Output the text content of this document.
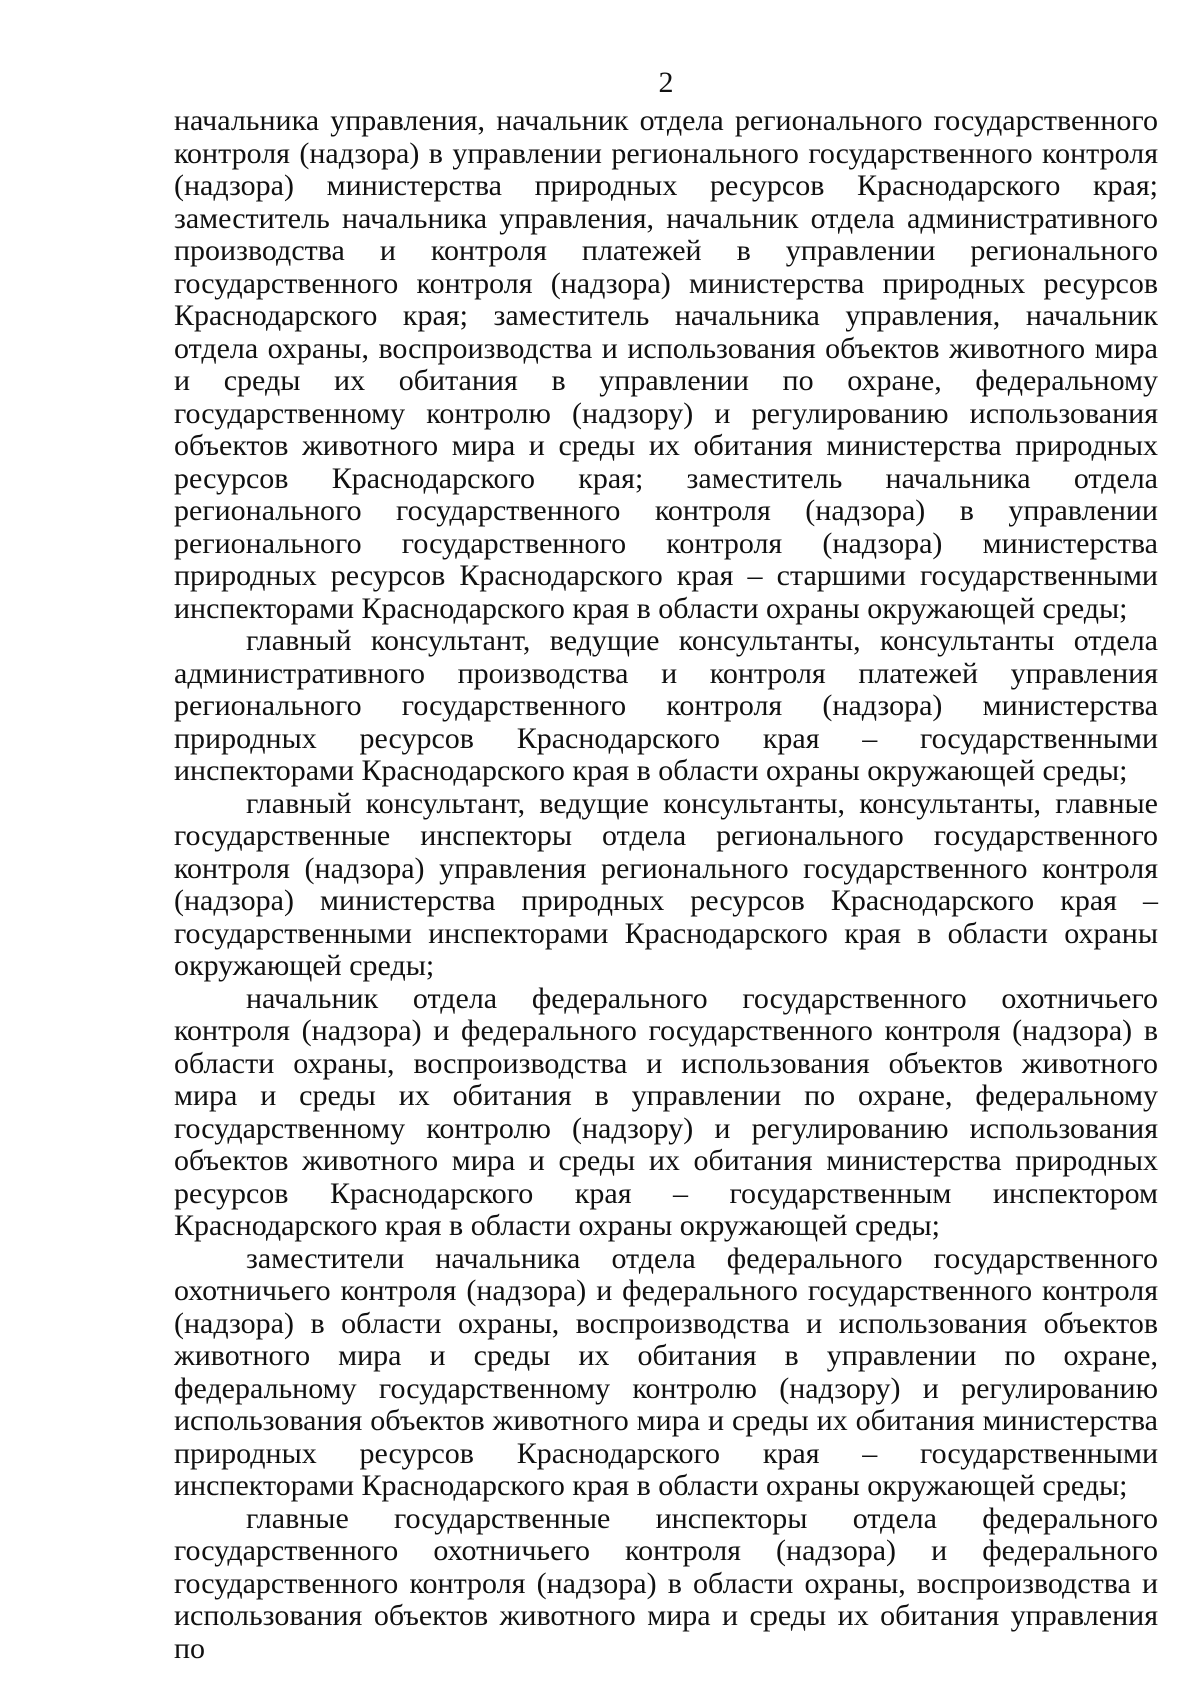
2

начальника управления, начальник отдела регионального государственного контроля (надзора) в управлении регионального государственного контроля (надзора) министерства природных ресурсов Краснодарского края; заместитель начальника управления, начальник отдела административного производства и контроля платежей в управлении регионального государственного контроля (надзора) министерства природных ресурсов Краснодарского края; заместитель начальника управления, начальник отдела охраны, воспроизводства и использования объектов животного мира и среды их обитания в управлении по охране, федеральному государственному контролю (надзору) и регулированию использования объектов животного мира и среды их обитания министерства природных ресурсов Краснодарского края; заместитель начальника отдела регионального государственного контроля (надзора) в управлении регионального государственного контроля (надзора) министерства природных ресурсов Краснодарского края – старшими государственными инспекторами Краснодарского края в области охраны окружающей среды;

главный консультант, ведущие консультанты, консультанты отдела административного производства и контроля платежей управления регионального государственного контроля (надзора) министерства природных ресурсов Краснодарского края – государственными инспекторами Краснодарского края в области охраны окружающей среды;

главный консультант, ведущие консультанты, консультанты, главные государственные инспекторы отдела регионального государственного контроля (надзора) управления регионального государственного контроля (надзора) министерства природных ресурсов Краснодарского края – государственными инспекторами Краснодарского края в области охраны окружающей среды;

начальник отдела федерального государственного охотничьего контроля (надзора) и федерального государственного контроля (надзора) в области охраны, воспроизводства и использования объектов животного мира и среды их обитания в управлении по охране, федеральному государственному контролю (надзору) и регулированию использования объектов животного мира и среды их обитания министерства природных ресурсов Краснодарского края – государственным инспектором Краснодарского края в области охраны окружающей среды;

заместители начальника отдела федерального государственного охотничьего контроля (надзора) и федерального государственного контроля (надзора) в области охраны, воспроизводства и использования объектов животного мира и среды их обитания в управлении по охране, федеральному государственному контролю (надзору) и регулированию использования объектов животного мира и среды их обитания министерства природных ресурсов Краснодарского края – государственными инспекторами Краснодарского края в области охраны окружающей среды;

главные государственные инспекторы отдела федерального государственного охотничьего контроля (надзора) и федерального государственного контроля (надзора) в области охраны, воспроизводства и использования объектов животного мира и среды их обитания управления по
